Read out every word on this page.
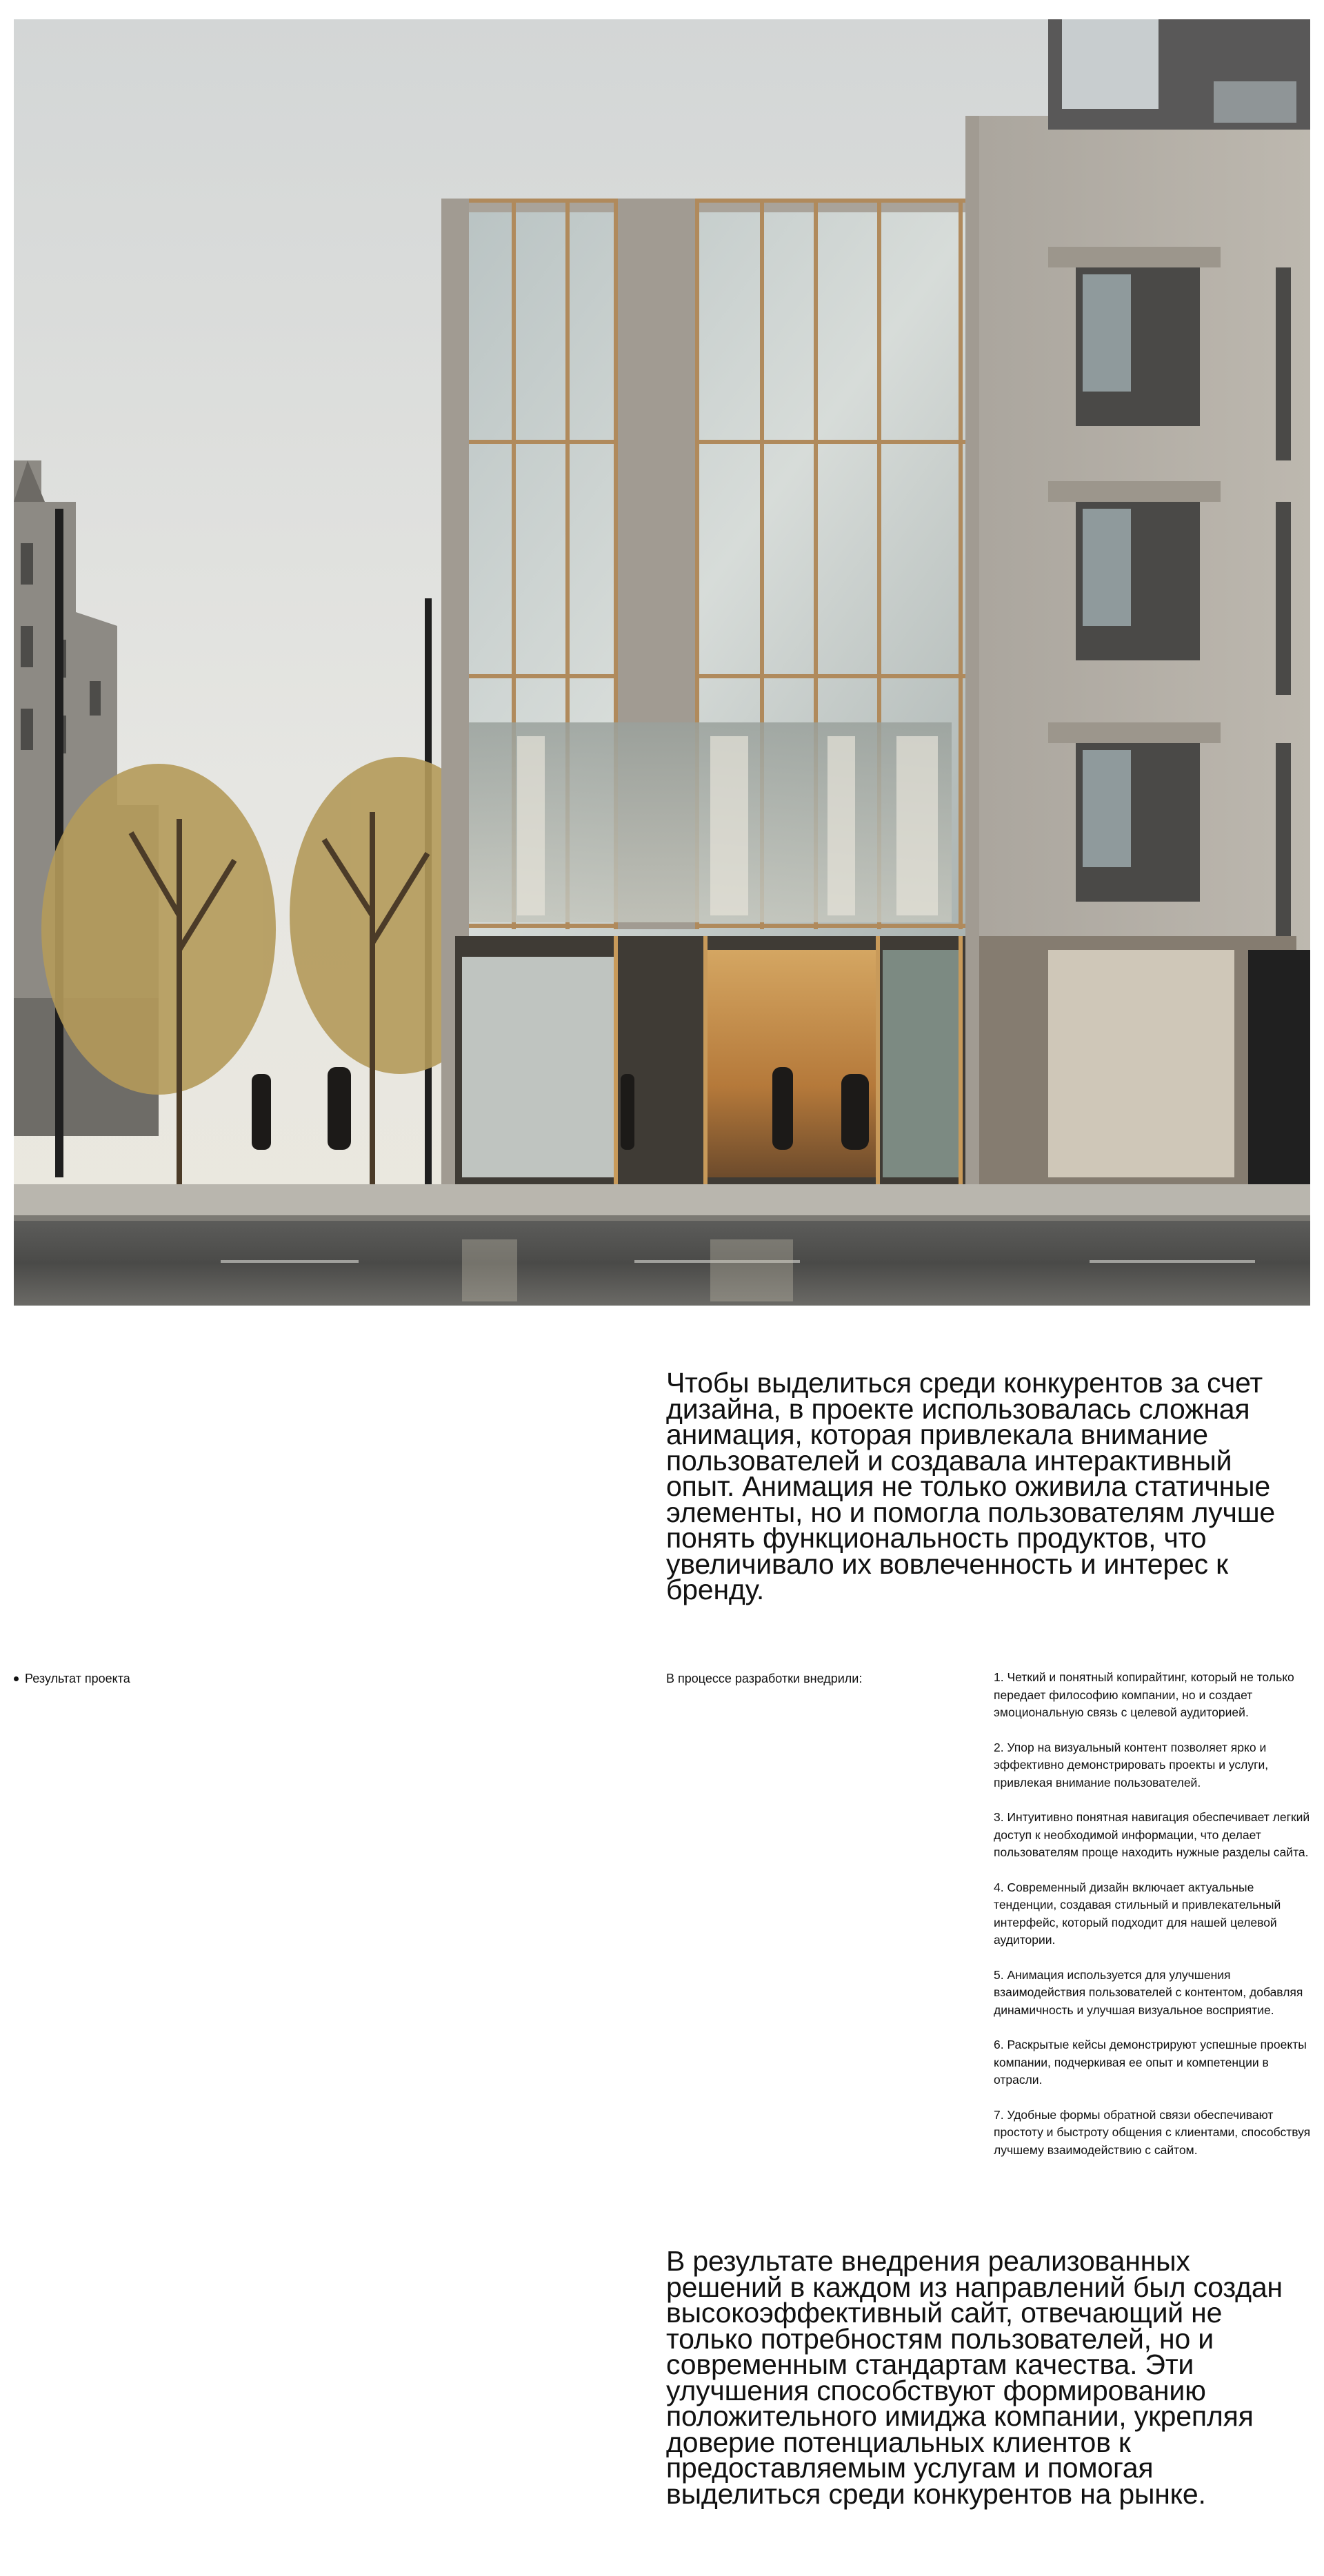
Чтобы выделиться среди конкурентов за счет дизайна, в проекте использовалась сложная анимация, которая привлекала внимание пользователей и создавала интерактивный опыт. Анимация не только оживила статичные элементы, но и помогла пользователям лучше понять функциональность продуктов, что увеличивало их вовлеченность и интерес к бренду.

Результат проекта	В процессе разработки внедрили:	1. Четкий и понятный копирайтинг, который не только передает философию компании, но и создает эмоциональную связь с целевой аудиторией.
2. Упор на визуальный контент позволяет ярко и эффективно демонстрировать проекты и услуги, привлекая внимание пользователей.
3. Интуитивно понятная навигация обеспечивает легкий доступ к необходимой информации, что делает пользователям проще находить нужные разделы сайта.
4. Современный дизайн включает актуальные тенденции, создавая стильный и привлекательный интерфейс, который подходит для нашей целевой аудитории.
5. Анимация используется для улучшения взаимодействия пользователей с контентом, добавляя динамичность и улучшая визуальное восприятие.
6. Раскрытые кейсы демонстрируют успешные проекты компании, подчеркивая ее опыт и компетенции в отрасли.
7. Удобные формы обратной связи обеспечивают простоту и быстроту общения с клиентами, способствуя лучшему взаимодействию с сайтом.

В результате внедрения реализованных решений в каждом из направлений был создан высокоэффективный сайт, отвечающий не только потребностям пользователей, но и современным стандартам качества. Эти улучшения способствуют формированию положительного имиджа компании, укрепляя доверие потенциальных клиентов к предоставляемым услугам и помогая выделиться среди конкурентов на рынке.
